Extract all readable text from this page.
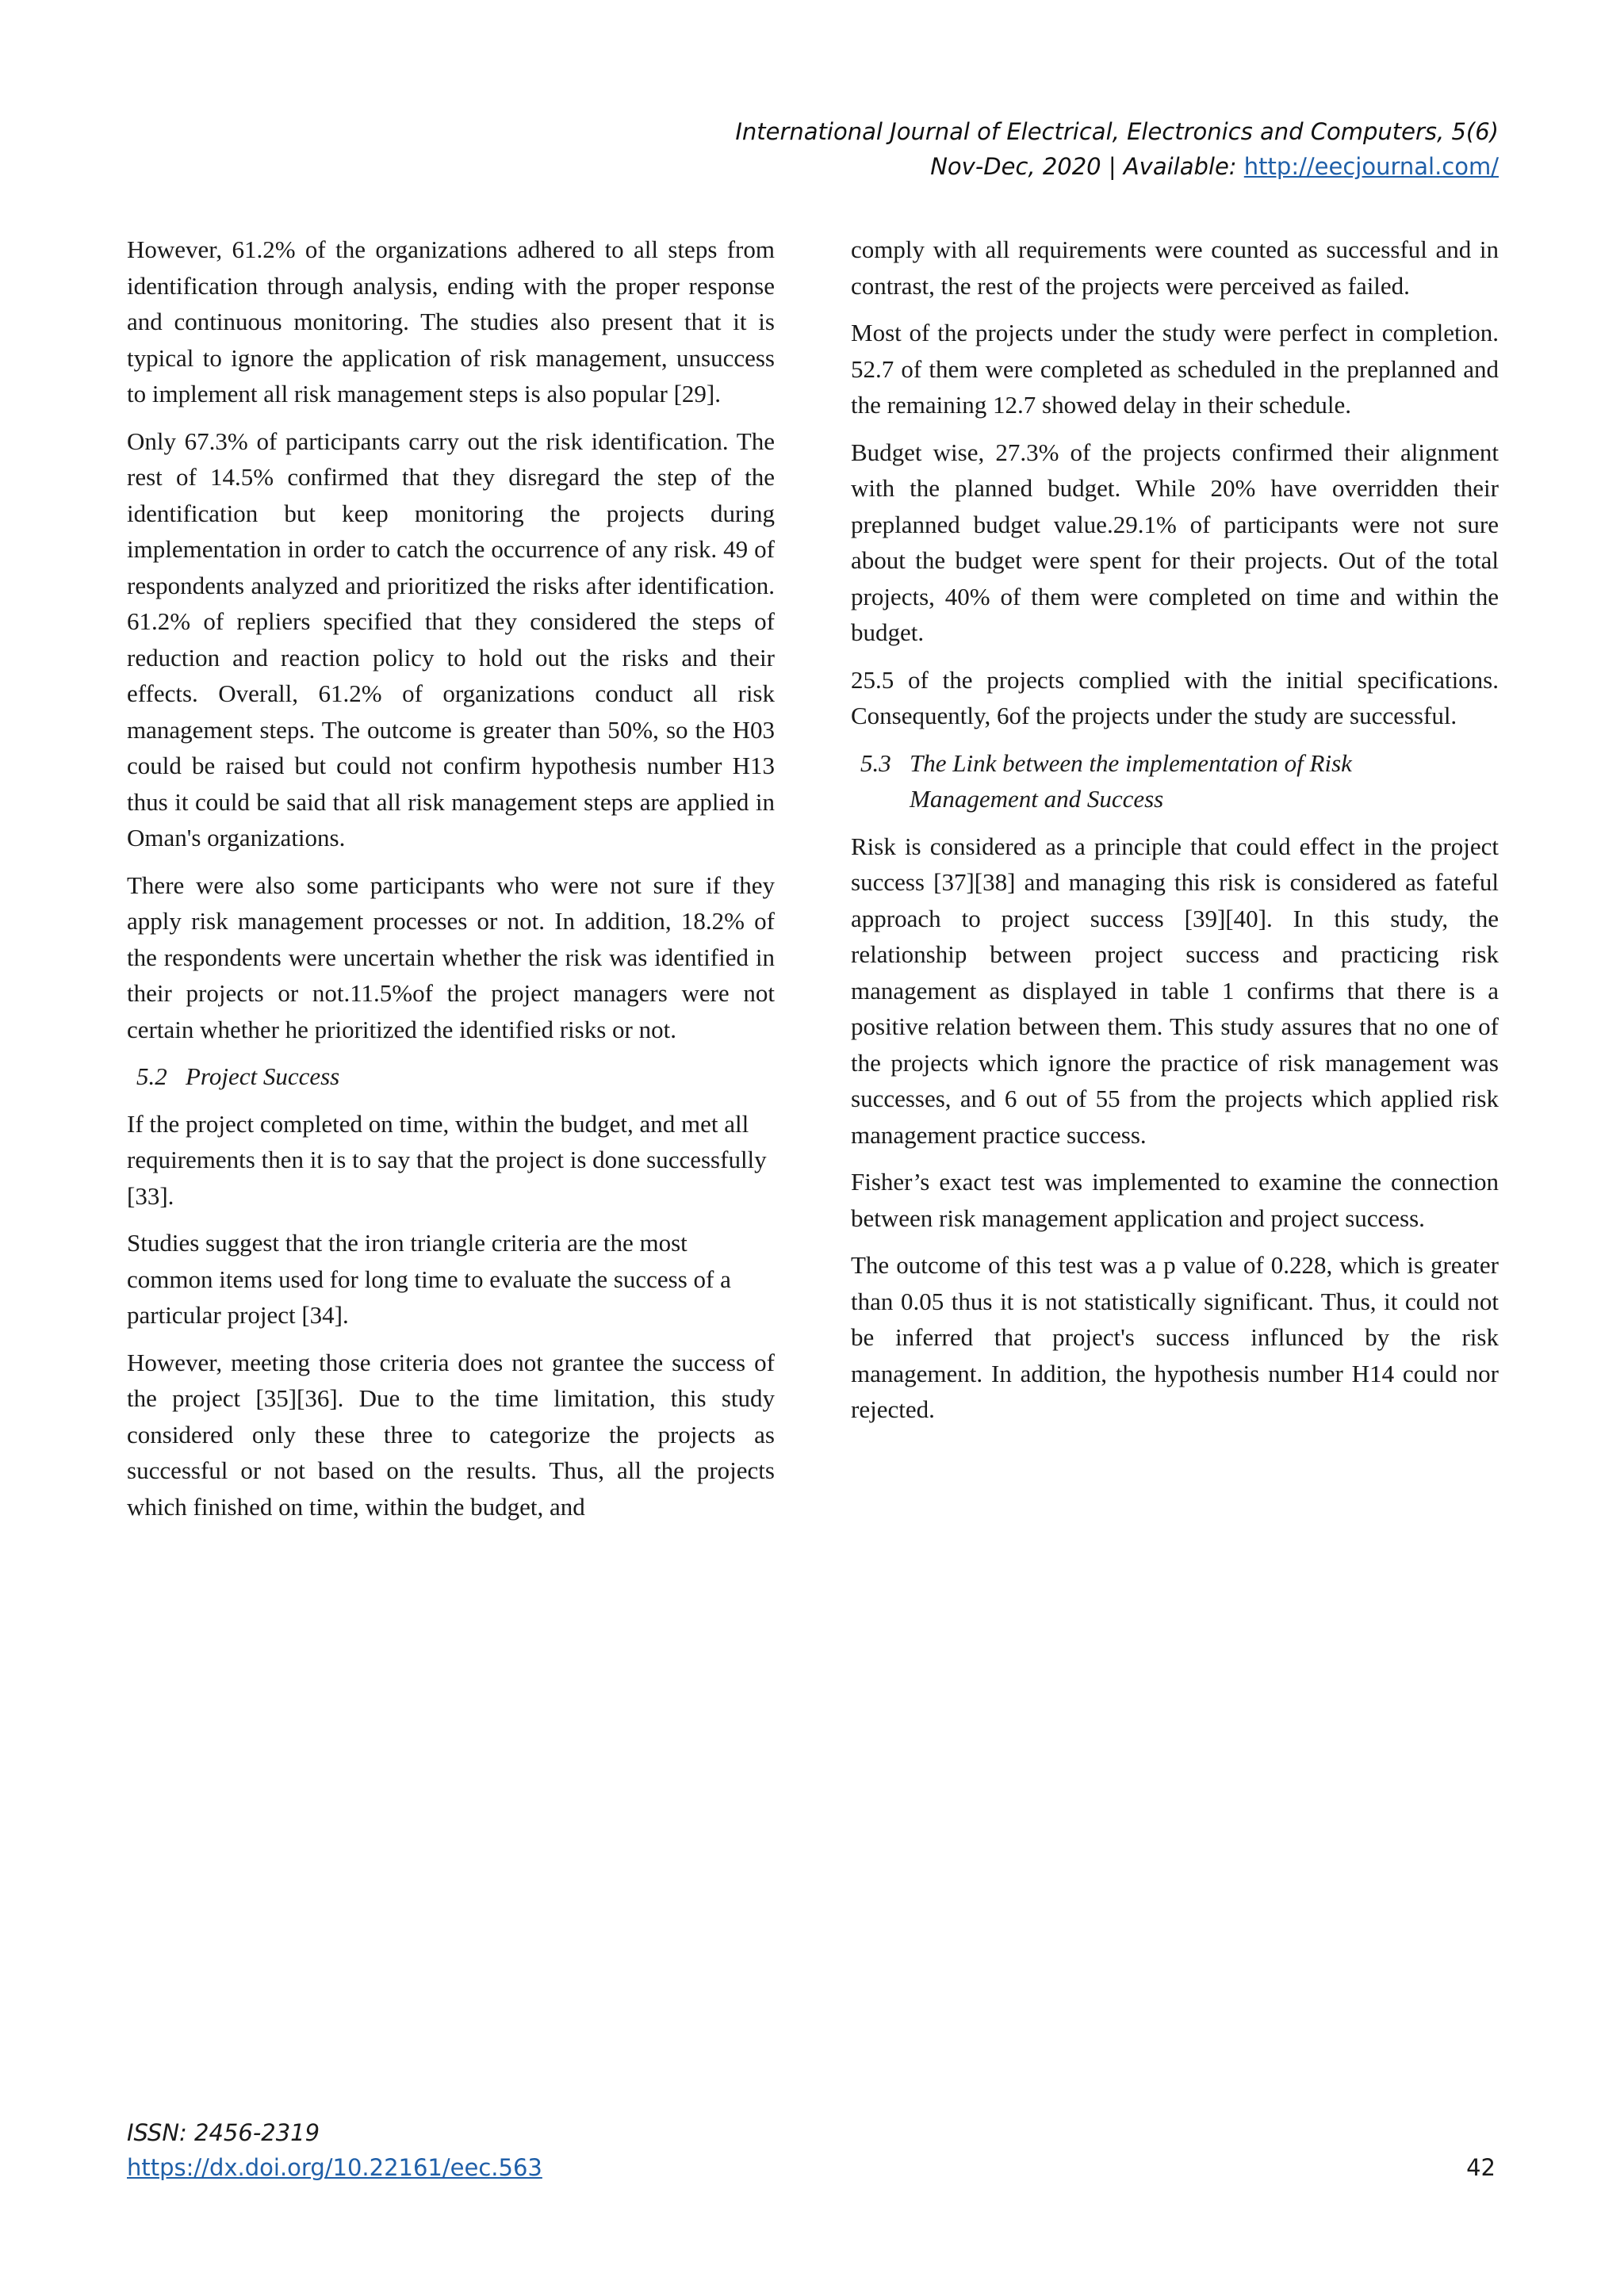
International Journal of Electrical, Electronics and Computers, 5(6)
Nov-Dec, 2020 | Available: http://eecjournal.com/

However, 61.2% of the organizations adhered to all steps from identification through analysis, ending with the proper response and continuous monitoring. The studies also present that it is typical to ignore the application of risk management, unsuccess to implement all risk management steps is also popular [29].

Only 67.3% of participants carry out the risk identification. The rest of 14.5% confirmed that they disregard the step of the identification but keep monitoring the projects during implementation in order to catch the occurrence of any risk. 49 of respondents analyzed and prioritized the risks after identification. 61.2% of repliers specified that they considered the steps of reduction and reaction policy to hold out the risks and their effects. Overall, 61.2% of organizations conduct all risk management steps. The outcome is greater than 50%, so the H03 could be raised but could not confirm hypothesis number H13 thus it could be said that all risk management steps are applied in Oman's organizations.

There were also some participants who were not sure if they apply risk management processes or not. In addition, 18.2% of the respondents were uncertain whether the risk was identified in their projects or not.11.5%of the project managers were not certain whether he prioritized the identified risks or not.

5.2 Project Success

If the project completed on time, within the budget, and met all requirements then it is to say that the project is done successfully [33].

Studies suggest that the iron triangle criteria are the most common items used for long time to evaluate the success of a particular project [34].

However, meeting those criteria does not grantee the success of the project [35][36]. Due to the time limitation, this study considered only these three to categorize the projects as successful or not based on the results. Thus, all the projects which finished on time, within the budget, and

comply with all requirements were counted as successful and in contrast, the rest of the projects were perceived as failed.

Most of the projects under the study were perfect in completion. 52.7 of them were completed as scheduled in the preplanned and the remaining 12.7 showed delay in their schedule.

Budget wise, 27.3% of the projects confirmed their alignment with the planned budget. While 20% have overridden their preplanned budget value.29.1% of participants were not sure about the budget were spent for their projects. Out of the total projects, 40% of them were completed on time and within the budget.

25.5 of the projects complied with the initial specifications. Consequently, 6of the projects under the study are successful.

5.3 The Link between the implementation of Risk
Management and Success

Risk is considered as a principle that could effect in the project success [37][38] and managing this risk is considered as fateful approach to project success [39][40]. In this study, the relationship between project success and practicing risk management as displayed in table 1 confirms that there is a positive relation between them. This study assures that no one of the projects which ignore the practice of risk management was successes, and 6 out of 55 from the projects which applied risk management practice success.

Fisher’s exact test was implemented to examine the connection between risk management application and project success.

The outcome of this test was a p value of 0.228, which is greater than 0.05 thus it is not statistically significant. Thus, it could not be inferred that project's success influnced by the risk management. In addition, the hypothesis number H14 could nor rejected.

ISSN: 2456-2319
https://dx.doi.org/10.22161/eec.563	42
